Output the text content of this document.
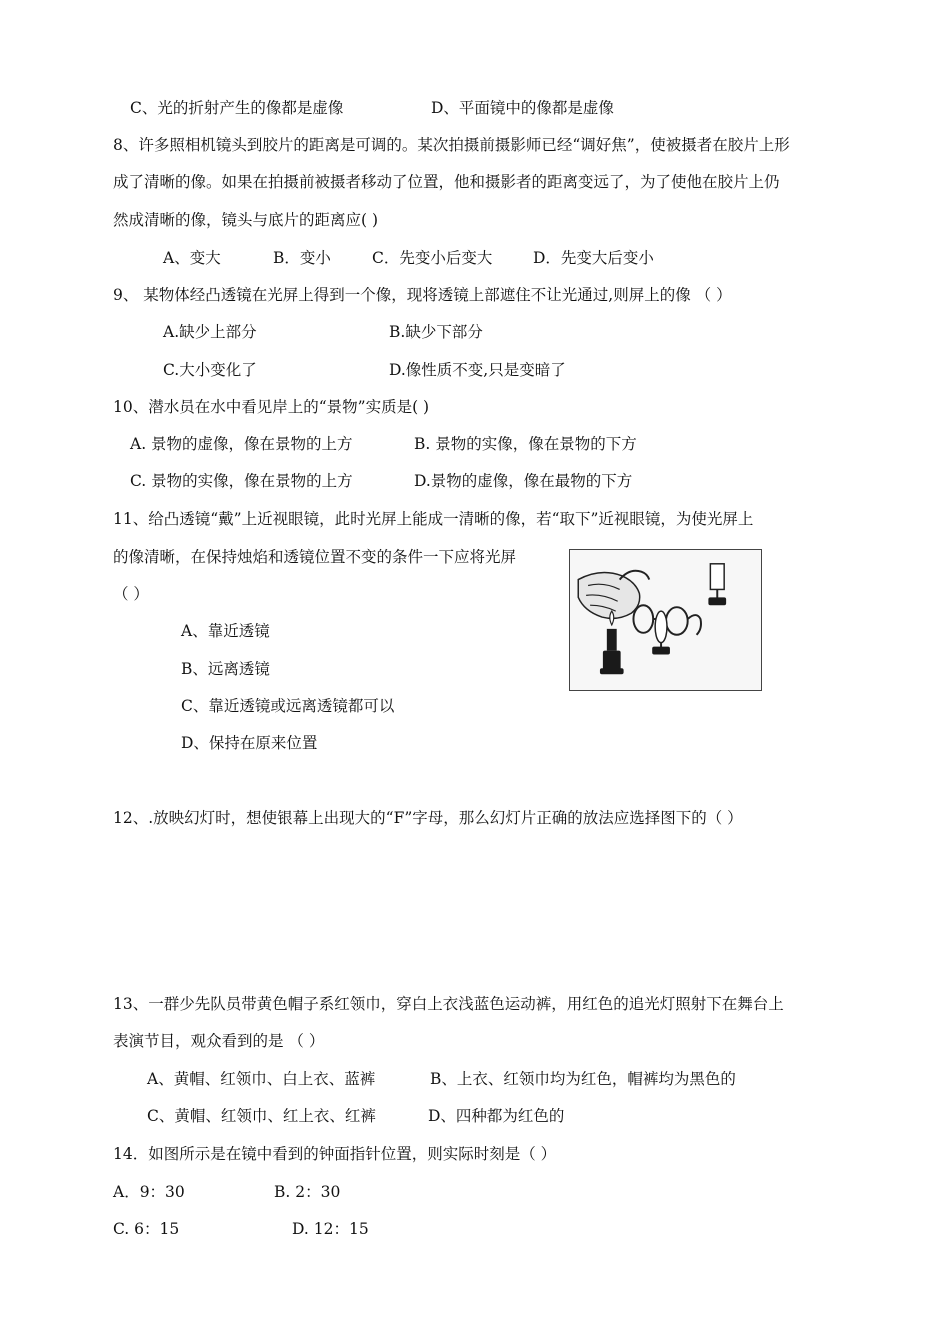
C、光的折射产生的像都是虚像	D、平面镜中的像都是虚像
8、许多照相机镜头到胶片的距离是可调的。某次拍摄前摄影师已经“调好焦”，使被摄者在胶片上形
成了清晰的像。如果在拍摄前被摄者移动了位置，他和摄影者的距离变远了，为了使他在胶片上仍
然成清晰的像，镜头与底片的距离应( )
A、变大	B．变小	C．先变小后变大	D．先变大后变小
9、 某物体经凸透镜在光屏上得到一个像，现将透镜上部遮住不让光通过,则屏上的像 （ ）
A.缺少上部分	B.缺少下部分
C.大小变化了	D.像性质不变,只是变暗了
10、潜水员在水中看见岸上的“景物”实质是( )
A. 景物的虚像，像在景物的上方	B. 景物的实像，像在景物的下方
C. 景物的实像，像在景物的上方	D.景物的虚像，像在最物的下方
11、给凸透镜“戴”上近视眼镜，此时光屏上能成一清晰的像，若“取下”近视眼镜，为使光屏上
的像清晰，在保持烛焰和透镜位置不变的条件一下应将光屏
（ ）
A、靠近透镜
B、远离透镜
C、靠近透镜或远离透镜都可以
D、保持在原来位置
12、.放映幻灯时，想使银幕上出现大的“F”字母，那么幻灯片正确的放法应选择图下的（ ）
13、一群少先队员带黄色帽子系红领巾，穿白上衣浅蓝色运动裤，用红色的追光灯照射下在舞台上
表演节目，观众看到的是 （ ）
A、黄帽、红领巾、白上衣、蓝裤	B、上衣、红领巾均为红色，帽裤均为黑色的
C、黄帽、红领巾、红上衣、红裤	D、四种都为红色的
14．如图所示是在镜中看到的钟面指针位置，则实际时刻是（ ）
A．9：30	B. 2：30
C. 6：15	D. 12：15
